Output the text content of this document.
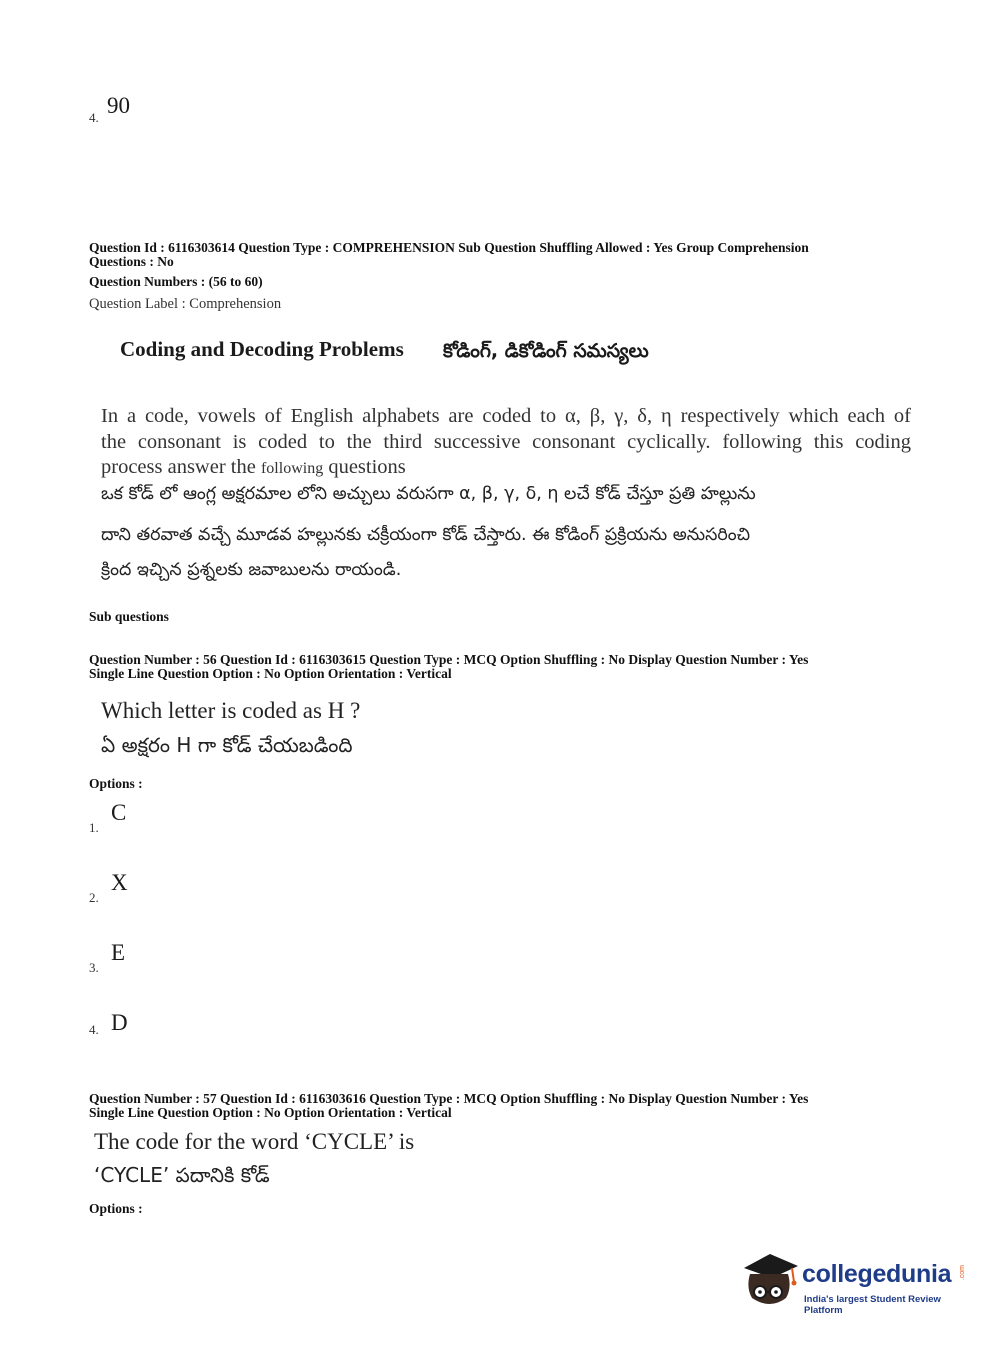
4. 90
Question Id : 6116303614 Question Type : COMPREHENSION Sub Question Shuffling Allowed : Yes Group Comprehension
Questions : No
Question Numbers : (56 to 60)
Question Label : Comprehension
Coding and Decoding Problems కోడింగ్, డికోడింగ్ సమస్యలు
In a code, vowels of English alphabets are coded to α, β, γ, δ, η respectively which each of
the consonant is coded to the third successive consonant cyclically. following this coding
process answer the following questions
ఒక కోడ్ లో ఆంగ్ల అక్షరమాల లోని అచ్చులు వరుసగా α, β, γ, δ, η లచే కోడ్ చేస్తూ ప్రతి హల్లును
దాని తరవాత వచ్చే మూడవ హల్లునకు చక్రీయంగా కోడ్ చేస్తారు. ఈ కోడింగ్ ప్రక్రియను అనుసరించి
క్రింద ఇచ్చిన ప్రశ్నలకు జవాబులను రాయండి.
Sub questions
Question Number : 56 Question Id : 6116303615 Question Type : MCQ Option Shuffling : No Display Question Number : Yes
Single Line Question Option : No Option Orientation : Vertical
Which letter is coded as H ?
ఏ అక్షరం H గా కోడ్ చేయబడింది
Options :
1.
C
2.
X
3.
E
4. D
Question Number : 57 Question Id : 6116303616 Question Type : MCQ Option Shuffling : No Display Question Number : Yes
Single Line Question Option : No Option Orientation : Vertical
The code for the word ‘CYCLE’ is
‘CYCLE’ పదానికి కోడ్
Options :
collegedunia .com
India's largest Student Review Platform
